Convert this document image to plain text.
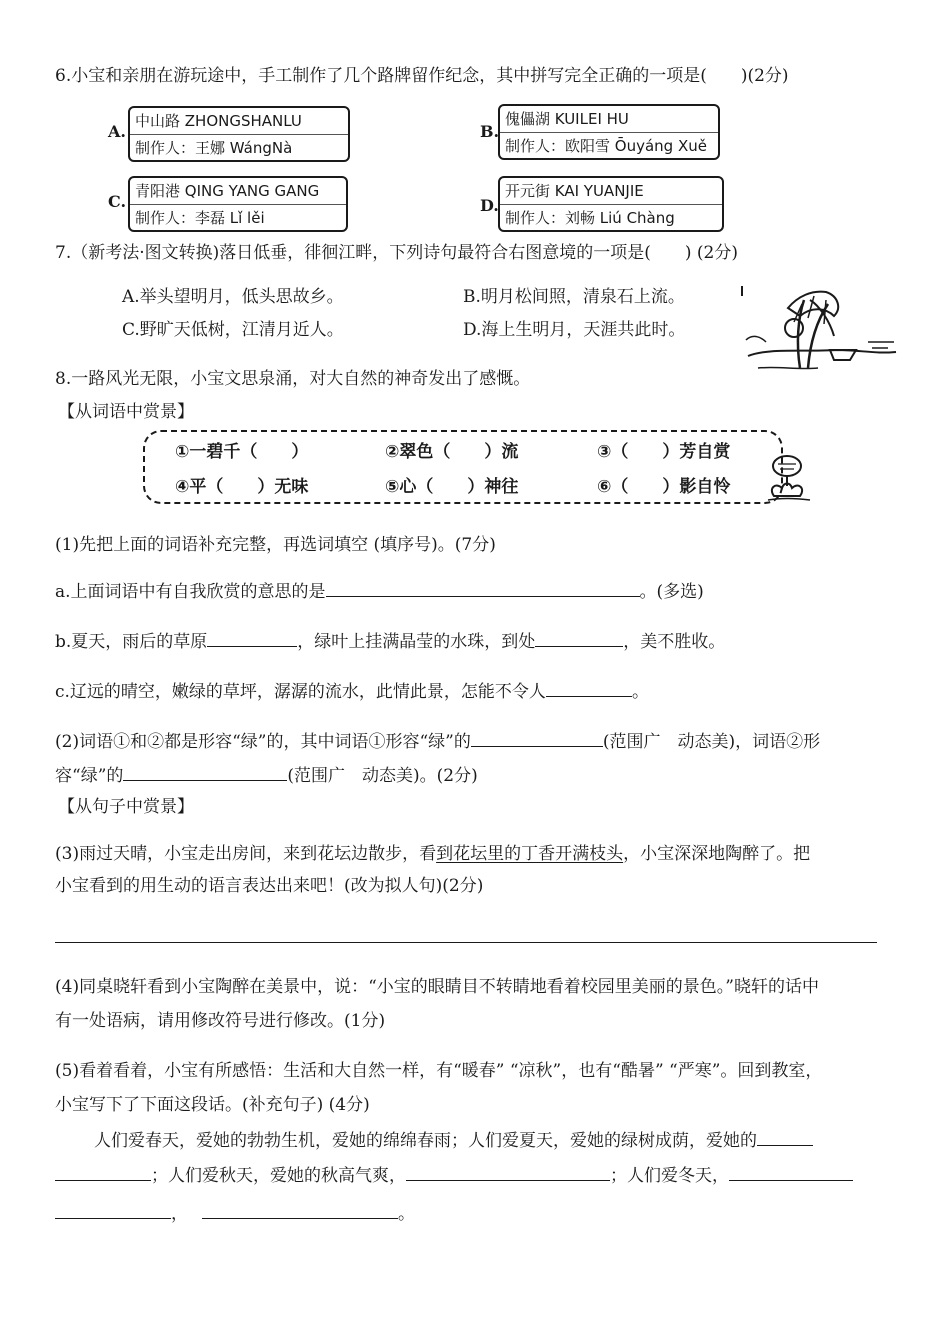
6.小宝和亲朋在游玩途中，手工制作了几个路牌留作纪念，其中拼写完全正确的一项是(　　)(2分)
A.
中山路 ZHONGSHANLU
制作人：王娜 WángNà
B.
傀儡湖 KUILEI HU
制作人：欧阳雪 Ōuyáng Xuě
C.
青阳港 QING YANG GANG
制作人：李磊 Lǐ lěi
D.
开元街 KAI YUANJIE
制作人：刘畅 Liú Chàng
7.（新考法·图文转换)落日低垂，徘徊江畔，下列诗句最符合右图意境的一项是(　　) (2分)
A.举头望明月，低头思故乡。	B.明月松间照，清泉石上流。
C.野旷天低树，江清月近人。	D.海上生明月，天涯共此时。
8.一路风光无限，小宝文思泉涌，对大自然的神奇发出了感慨。
【从词语中赏景】
①一碧千（　　）	②翠色（　　）流	③（　　）芳自赏
④平（　　）无味	⑤心（　　）神往	⑥（　　）影自怜
(1)先把上面的词语补充完整，再选词填空 (填序号)。(7分)
a.上面词语中有自我欣赏的意思的是	。(多选)
b.夏天，雨后的草原	，绿叶上挂满晶莹的水珠，到处	，美不胜收。
c.辽远的晴空，嫩绿的草坪，潺潺的流水，此情此景，怎能不令人	。
(2)词语①和②都是形容“绿”的，其中词语①形容“绿”的	(范围广　动态美)，词语②形
容“绿”的	(范围广　动态美)。(2分)
【从句子中赏景】
(3)雨过天晴，小宝走出房间，来到花坛边散步，看到花坛里的丁香开满枝头，小宝深深地陶醉了。把
小宝看到的用生动的语言表达出来吧！(改为拟人句)(2分)
(4)同桌晓轩看到小宝陶醉在美景中，说：“小宝的眼睛目不转睛地看着校园里美丽的景色。”晓轩的话中
有一处语病，请用修改符号进行修改。(1分)
(5)看着看着，小宝有所感悟：生活和大自然一样，有“暖春” “凉秋”，也有“酷暑” “严寒”。回到教室，
小宝写下了下面这段话。(补充句子) (4分)
人们爱春天，爱她的勃勃生机，爱她的绵绵春雨；人们爱夏天，爱她的绿树成荫，爱她的
；人们爱秋天，爱她的秋高气爽，	；人们爱冬天，
，	。
